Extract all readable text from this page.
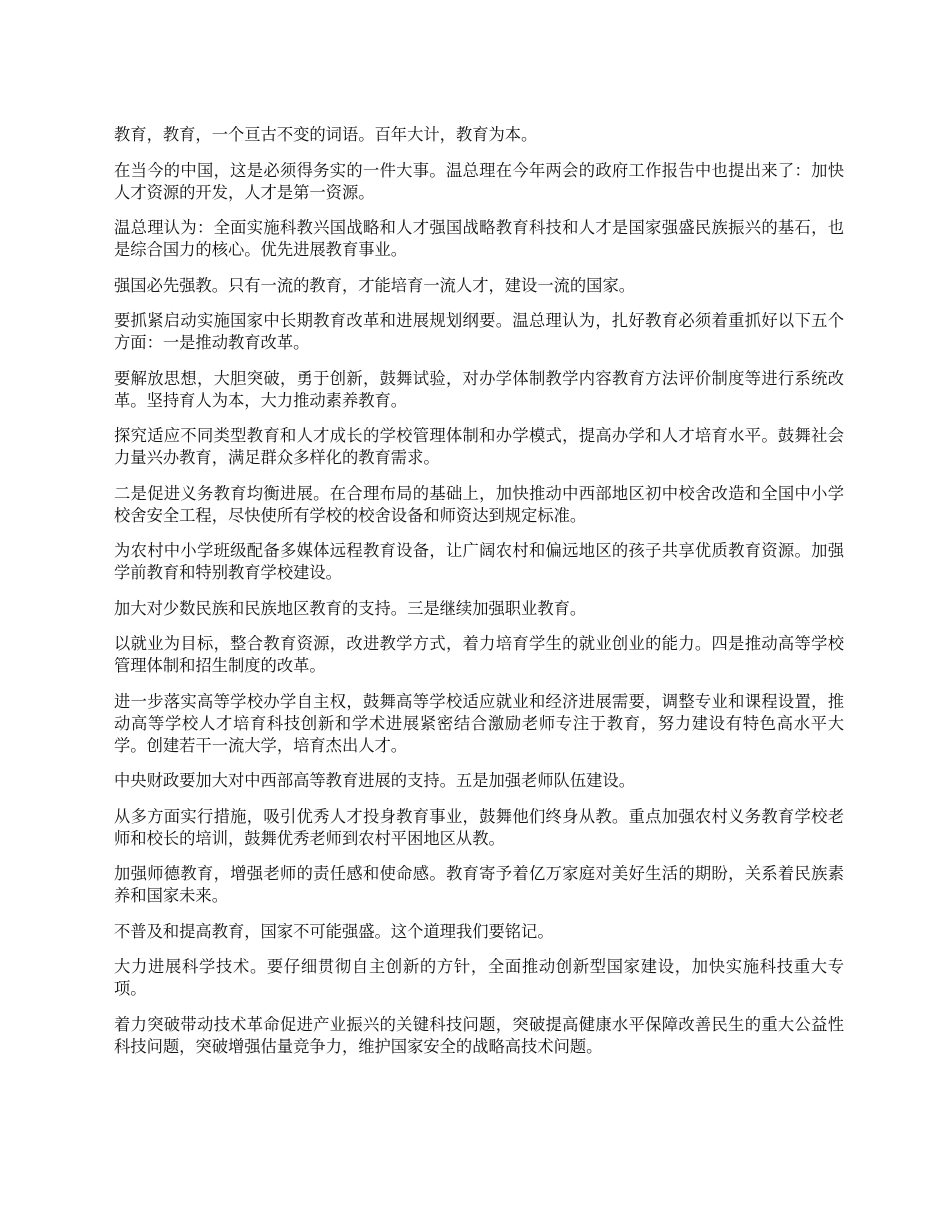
教育，教育，一个亘古不变的词语。百年大计，教育为本。

在当今的中国，这是必须得务实的一件大事。温总理在今年两会的政府工作报告中也提出来了：加快人才资源的开发，人才是第一资源。

温总理认为：全面实施科教兴国战略和人才强国战略教育科技和人才是国家强盛民族振兴的基石，也是综合国力的核心。优先进展教育事业。

强国必先强教。只有一流的教育，才能培育一流人才，建设一流的国家。

要抓紧启动实施国家中长期教育改革和进展规划纲要。温总理认为，扎好教育必须着重抓好以下五个方面：一是推动教育改革。

要解放思想，大胆突破，勇于创新，鼓舞试验，对办学体制教学内容教育方法评价制度等进行系统改革。坚持育人为本，大力推动素养教育。

探究适应不同类型教育和人才成长的学校管理体制和办学模式，提高办学和人才培育水平。鼓舞社会力量兴办教育，满足群众多样化的教育需求。

二是促进义务教育均衡进展。在合理布局的基础上，加快推动中西部地区初中校舍改造和全国中小学校舍安全工程，尽快使所有学校的校舍设备和师资达到规定标准。

为农村中小学班级配备多媒体远程教育设备，让广阔农村和偏远地区的孩子共享优质教育资源。加强学前教育和特别教育学校建设。

加大对少数民族和民族地区教育的支持。三是继续加强职业教育。

以就业为目标，整合教育资源，改进教学方式，着力培育学生的就业创业的能力。四是推动高等学校管理体制和招生制度的改革。

进一步落实高等学校办学自主权，鼓舞高等学校适应就业和经济进展需要，调整专业和课程设置，推动高等学校人才培育科技创新和学术进展紧密结合激励老师专注于教育，努力建设有特色高水平大学。创建若干一流大学，培育杰出人才。

中央财政要加大对中西部高等教育进展的支持。五是加强老师队伍建设。

从多方面实行措施，吸引优秀人才投身教育事业，鼓舞他们终身从教。重点加强农村义务教育学校老师和校长的培训，鼓舞优秀老师到农村平困地区从教。

加强师德教育，增强老师的责任感和使命感。教育寄予着亿万家庭对美好生活的期盼，关系着民族素养和国家未来。

不普及和提高教育，国家不可能强盛。这个道理我们要铭记。

大力进展科学技术。要仔细贯彻自主创新的方针，全面推动创新型国家建设，加快实施科技重大专项。

着力突破带动技术革命促进产业振兴的关键科技问题，突破提高健康水平保障改善民生的重大公益性科技问题，突破增强估量竞争力，维护国家安全的战略高技术问题。
